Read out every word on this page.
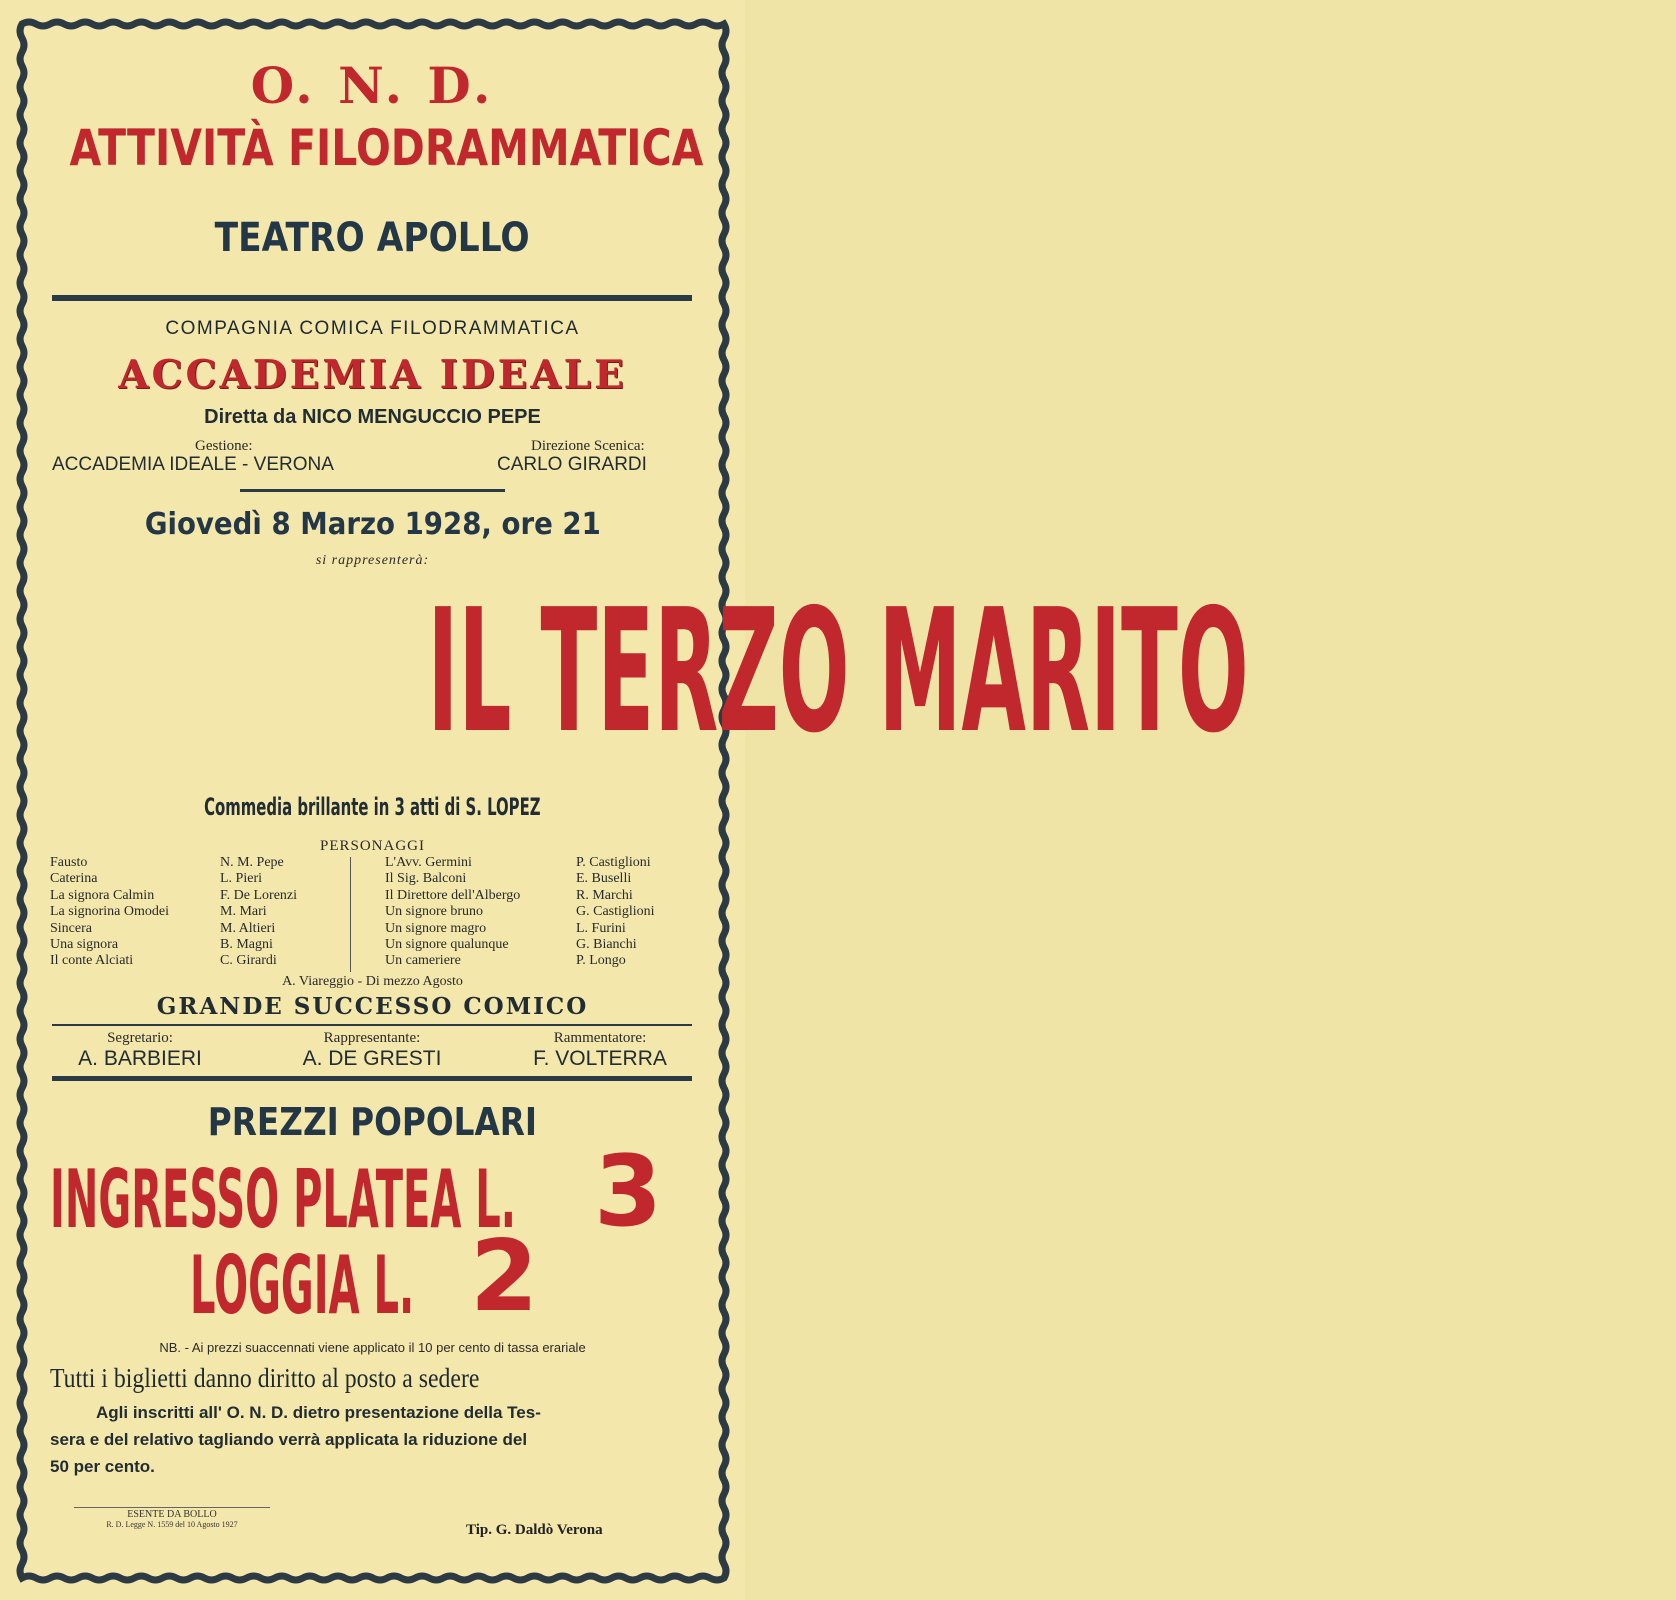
O. N. D.
ATTIVITÀ FILODRAMMATICA
TEATRO APOLLO
COMPAGNIA COMICA FILODRAMMATICA
ACCADEMIA IDEALE
Diretta da NICO MENGUCCIO PEPE
Gestione:
ACCADEMIA IDEALE - VERONA
Direzione Scenica:
CARLO GIRARDI
Giovedì 8 Marzo 1928, ore 21
si rappresenterà:
IL TERZO MARITO
Commedia brillante in 3 atti di S. LOPEZ
PERSONAGGI
Fausto
Caterina
La signora Calmin
La signorina Omodei
Sincera
Una signora
Il conte Alciati
N. M. Pepe
L. Pieri
F. De Lorenzi
M. Mari
M. Altieri
B. Magni
C. Girardi
L'Avv. Germini
Il Sig. Balconi
Il Direttore dell'Albergo
Un signore bruno
Un signore magro
Un signore qualunque
Un cameriere
P. Castiglioni
E. Buselli
R. Marchi
G. Castiglioni
L. Furini
G. Bianchi
P. Longo
A. Viareggio - Di mezzo Agosto
GRANDE SUCCESSO COMICO
Segretario:
A. BARBIERI
Rappresentante:
A. DE GRESTI
Rammentatore:
F. VOLTERRA
PREZZI POPOLARI
INGRESSO PLATEA L. 3
LOGGIA L. 2
NB. - Ai prezzi suaccennati viene applicato il 10 per cento di tassa erariale
Tutti i biglietti danno diritto al posto a sedere
Agli inscritti all' O. N. D. dietro presentazione della Tes-
sera e del relativo tagliando verrà applicata la riduzione del
50 per cento.
ESENTE DA BOLLO
R. D. Legge N. 1559 del 10 Agosto 1927	Tip. G. Daldò Verona
